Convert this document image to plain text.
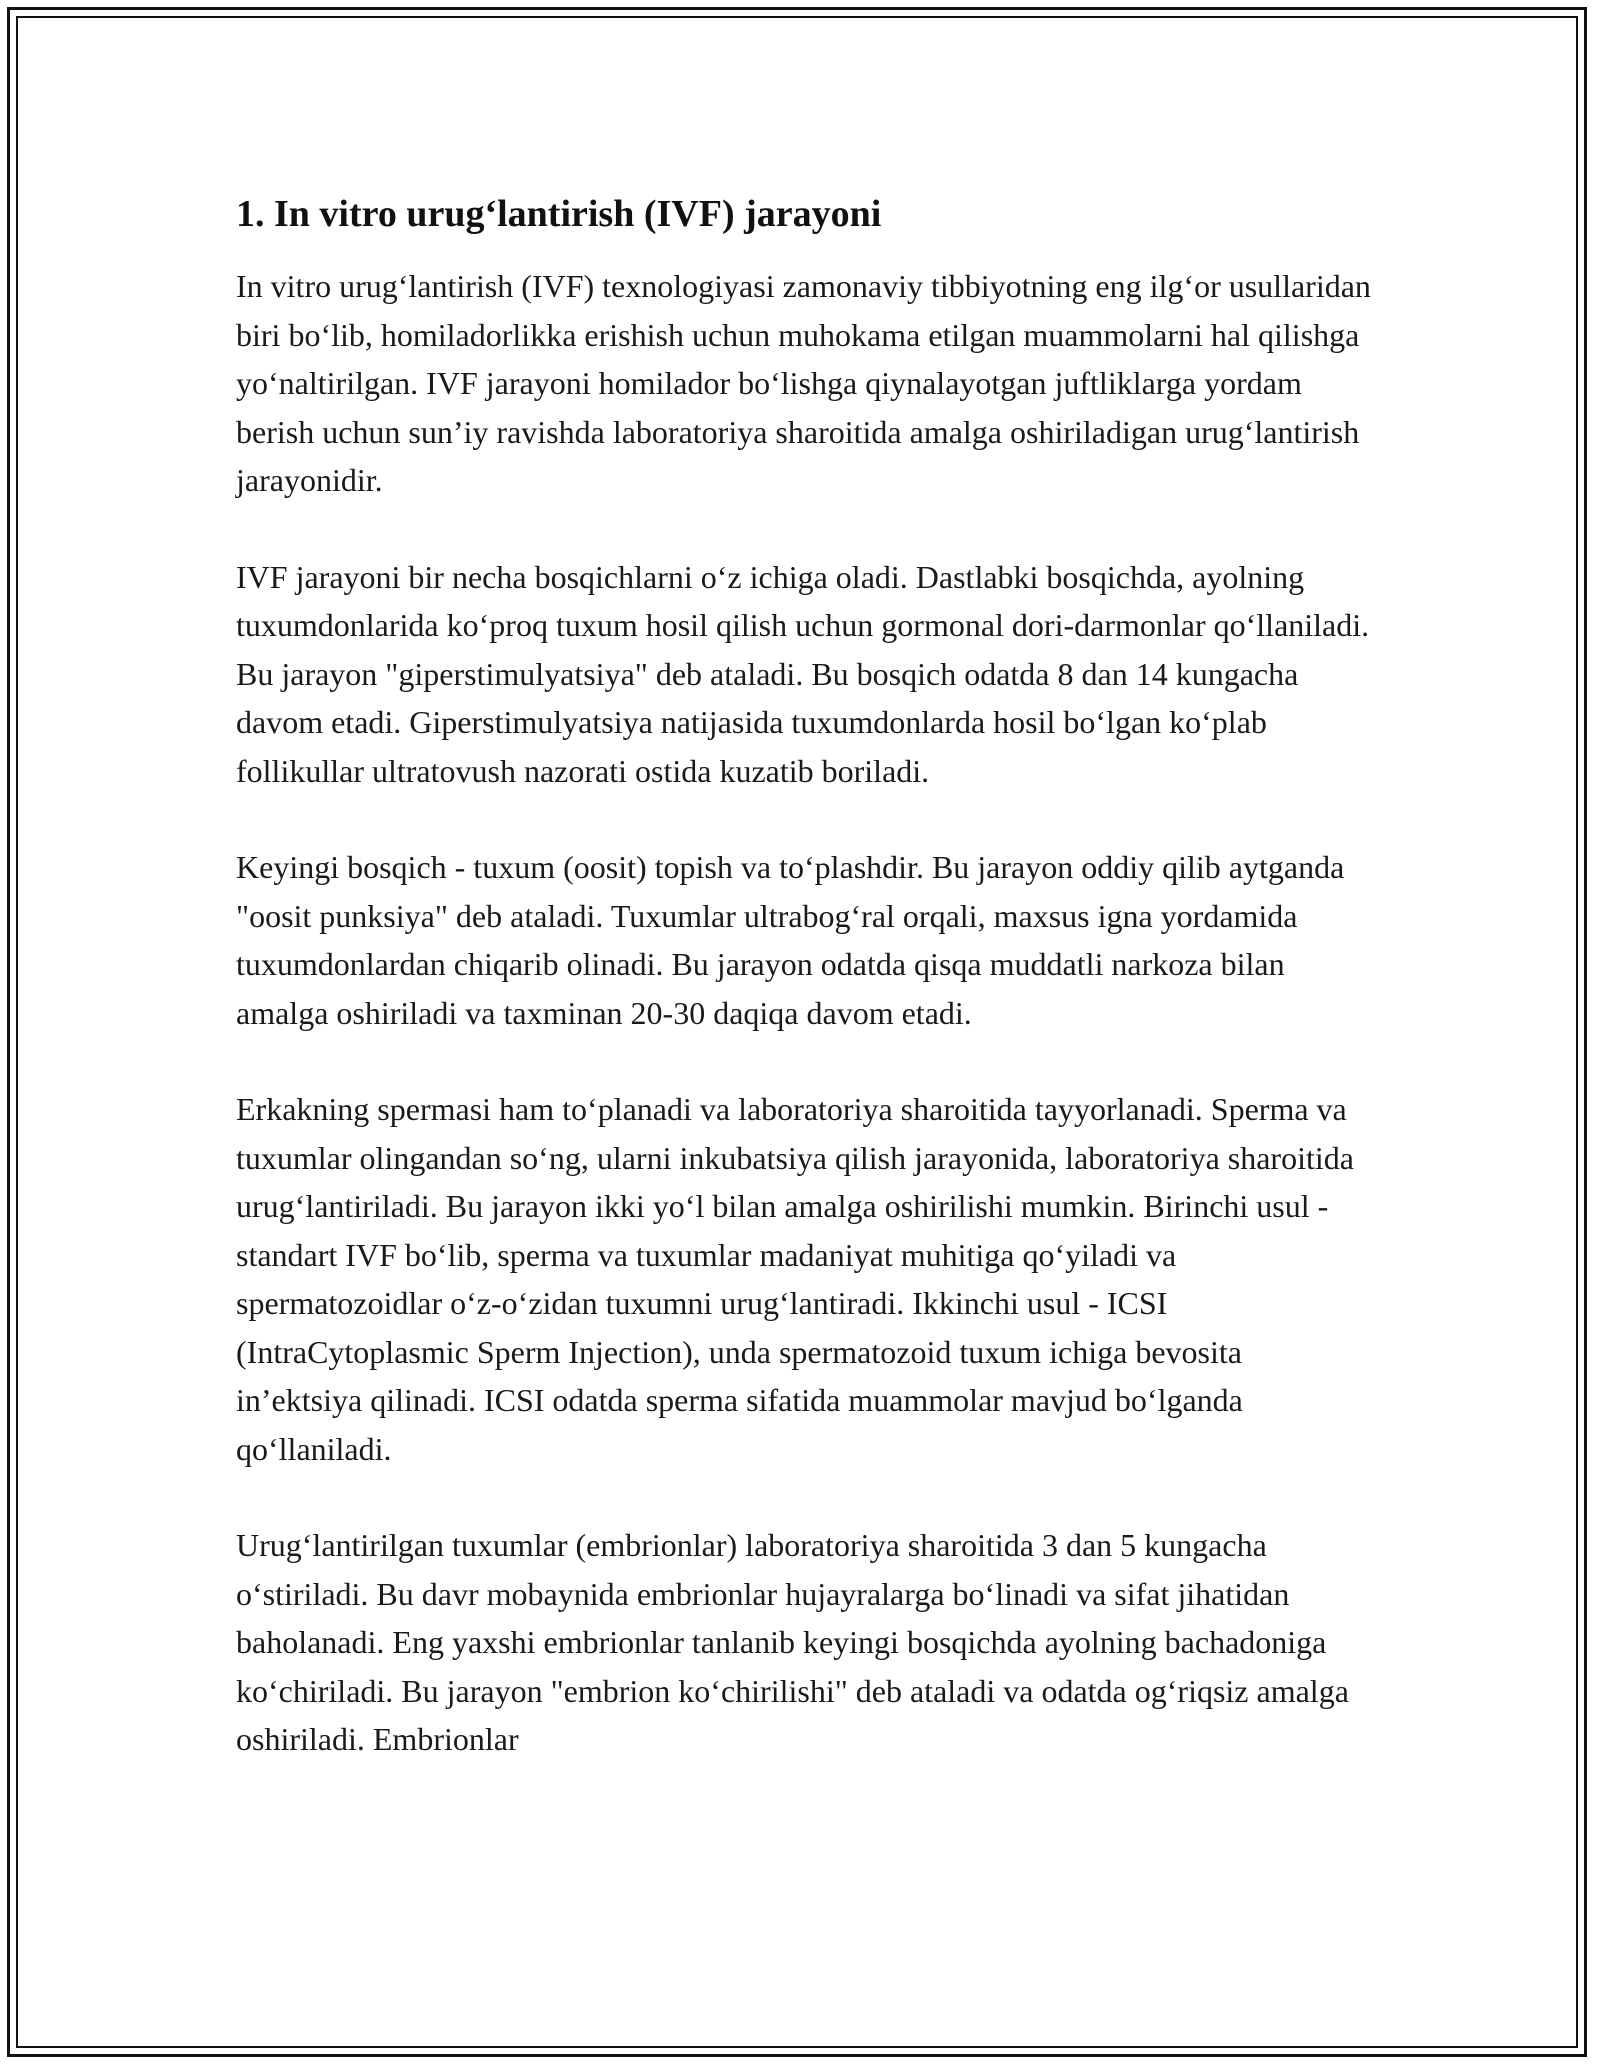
1. In vitro urug‘lantirish (IVF) jarayoni

In vitro urug‘lantirish (IVF) texnologiyasi zamonaviy tibbiyotning eng ilg‘or usullaridan biri bo‘lib, homiladorlikka erishish uchun muhokama etilgan muammolarni hal qilishga yo‘naltirilgan. IVF jarayoni homilador bo‘lishga qiynalayotgan juftliklarga yordam berish uchun sun’iy ravishda laboratoriya sharoitida amalga oshiriladigan urug‘lantirish jarayonidir.

IVF jarayoni bir necha bosqichlarni o‘z ichiga oladi. Dastlabki bosqichda, ayolning tuxumdonlarida ko‘proq tuxum hosil qilish uchun gormonal dori-darmonlar qo‘llaniladi. Bu jarayon "giperstimulyatsiya" deb ataladi. Bu bosqich odatda 8 dan 14 kungacha davom etadi. Giperstimulyatsiya natijasida tuxumdonlarda hosil bo‘lgan ko‘plab follikullar ultratovush nazorati ostida kuzatib boriladi.

Keyingi bosqich - tuxum (oosit) topish va to‘plashdir. Bu jarayon oddiy qilib aytganda "oosit punksiya" deb ataladi. Tuxumlar ultrabog‘ral orqali, maxsus igna yordamida tuxumdonlardan chiqarib olinadi. Bu jarayon odatda qisqa muddatli narkoza bilan amalga oshiriladi va taxminan 20-30 daqiqa davom etadi.

Erkakning spermasi ham to‘planadi va laboratoriya sharoitida tayyorlanadi. Sperma va tuxumlar olingandan so‘ng, ularni inkubatsiya qilish jarayonida, laboratoriya sharoitida urug‘lantiriladi. Bu jarayon ikki yo‘l bilan amalga oshirilishi mumkin. Birinchi usul - standart IVF bo‘lib, sperma va tuxumlar madaniyat muhitiga qo‘yiladi va spermatozoidlar o‘z-o‘zidan tuxumni urug‘lantiradi. Ikkinchi usul - ICSI (IntraCytoplasmic Sperm Injection), unda spermatozoid tuxum ichiga bevosita in’ektsiya qilinadi. ICSI odatda sperma sifatida muammolar mavjud bo‘lganda qo‘llaniladi.

Urug‘lantirilgan tuxumlar (embrionlar) laboratoriya sharoitida 3 dan 5 kungacha o‘stiriladi. Bu davr mobaynida embrionlar hujayralarga bo‘linadi va sifat jihatidan baholanadi. Eng yaxshi embrionlar tanlanib keyingi bosqichda ayolning bachadoniga ko‘chiriladi. Bu jarayon "embrion ko‘chirilishi" deb ataladi va odatda og‘riqsiz amalga oshiriladi. Embrionlar
